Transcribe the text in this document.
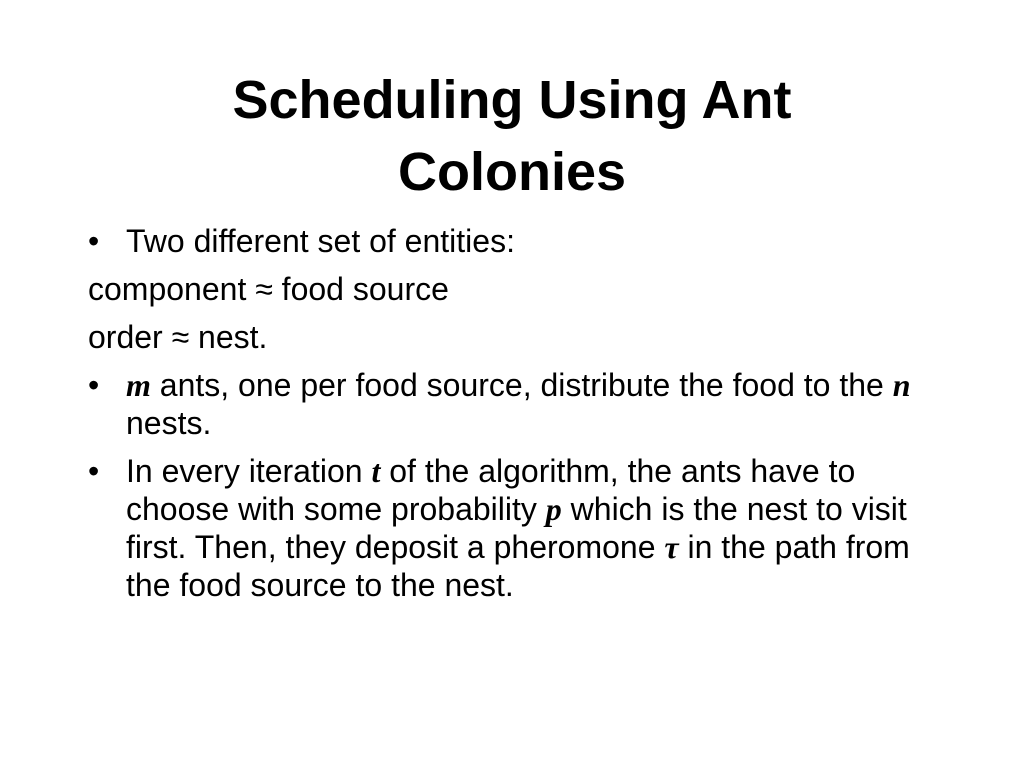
Scheduling Using Ant
Colonies

• Two different set of entities:

component ≈ food source

order ≈ nest.

• m ants, one per food source, distribute the food to the n nests.

• In every iteration t of the algorithm, the ants have to choose with some probability p which is the nest to visit first. Then, they deposit a pheromone τ in the path from the food source to the nest.
